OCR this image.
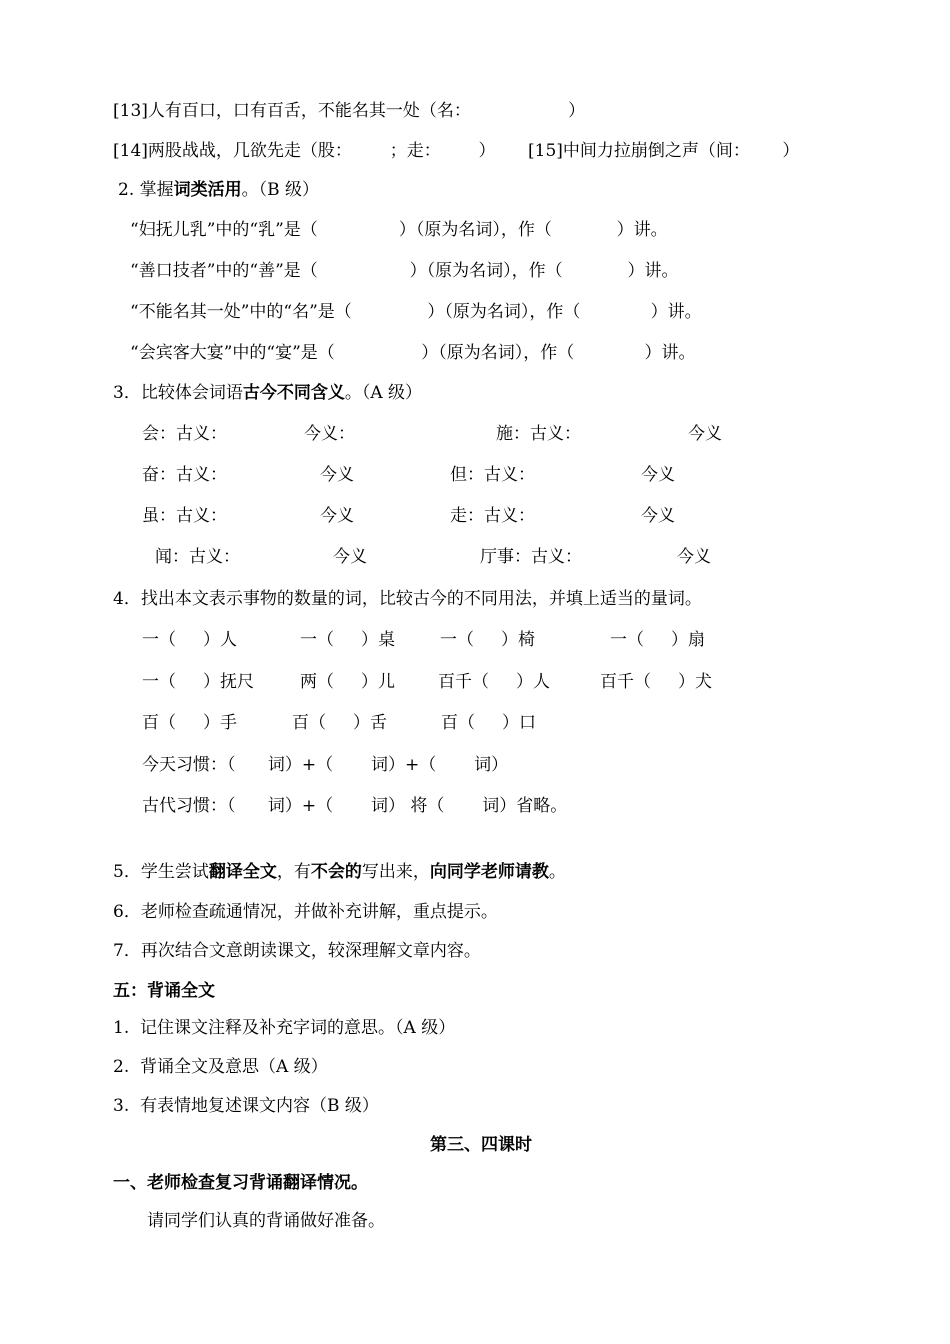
[13]人有百口，口有百舌，不能名其一处（名：                  ）
[14]两股战战，几欲先走（股：       ；走：       ） [15]中间力拉崩倒之声（间：      ）
2. 掌握词类活用。（B 级）
“妇抚儿乳”中的“乳”是（               ）（原为名词），作（            ）讲。
“善口技者”中的“善”是（                 ）（原为名词），作（            ）讲。
“不能名其一处”中的“名”是（              ）（原为名词），作（             ）讲。
“会宾客大宴”中的“宴”是（                ）（原为名词），作（             ）讲。
3．比较体会词语古今不同含义。（A 级）
会：古义：	今义：	施：古义：	今义
奋：古义：	今义	但：古义：	今义
虽：古义：	今义	走：古义：	今义
闻：古义：	今义	厅事：古义：	今义
4．找出本文表示事物的数量的词，比较古今的不同用法，并填上适当的量词。
一（     ）人	一（     ）桌	一（     ）椅	一（     ）扇
一（     ）抚尺	两（     ）儿	百千（     ）人	百千（     ）犬
百（     ）手	百（     ）舌	百（     ）口
今天习惯：（      词）+（       词）+（       词）
古代习惯：（      词）+（       词） 将（       词）省略。
5．学生尝试翻译全文，有不会的写出来，向同学老师请教。
6．老师检查疏通情况，并做补充讲解，重点提示。
7．再次结合文意朗读课文，较深理解文章内容。
五：背诵全文
1.  记住课文注释及补充字词的意思。（A 级）
2.  背诵全文及意思（A 级）
3.  有表情地复述课文内容（B 级）
第三、四课时
一、老师检查复习背诵翻译情况。
请同学们认真的背诵做好准备。
